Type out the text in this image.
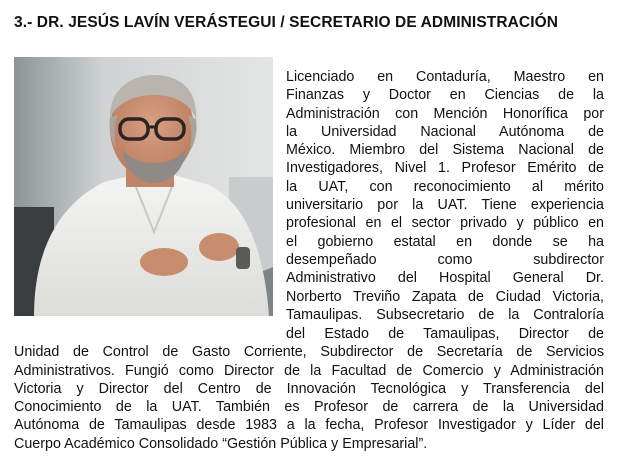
3.- DR. JESÚS LAVÍN VERÁSTEGUI / SECRETARIO DE ADMINISTRACIÓN
Licenciado en Contaduría, Maestro en
Finanzas y Doctor en Ciencias de la
Administración con Mención Honorífica por
la Universidad Nacional Autónoma de
México. Miembro del Sistema Nacional de
Investigadores, Nivel 1. Profesor Emérito de
la UAT, con reconocimiento al mérito
universitario por la UAT. Tiene experiencia
profesional en el sector privado y público en
el gobierno estatal en donde se ha
desempeñado como subdirector
Administrativo del Hospital General Dr.
Norberto Treviño Zapata de Ciudad Victoria,
Tamaulipas. Subsecretario de la Contraloría
del Estado de Tamaulipas, Director de
Unidad de Control de Gasto Corriente, Subdirector de Secretaría de Servicios
Administrativos. Fungió como Director de la Facultad de Comercio y Administración
Victoria y Director del Centro de Innovación Tecnológica y Transferencia del
Conocimiento de la UAT. También es Profesor de carrera de la Universidad
Autónoma de Tamaulipas desde 1983 a la fecha, Profesor Investigador y Líder del
Cuerpo Académico Consolidado “Gestión Pública y Empresarial”.
